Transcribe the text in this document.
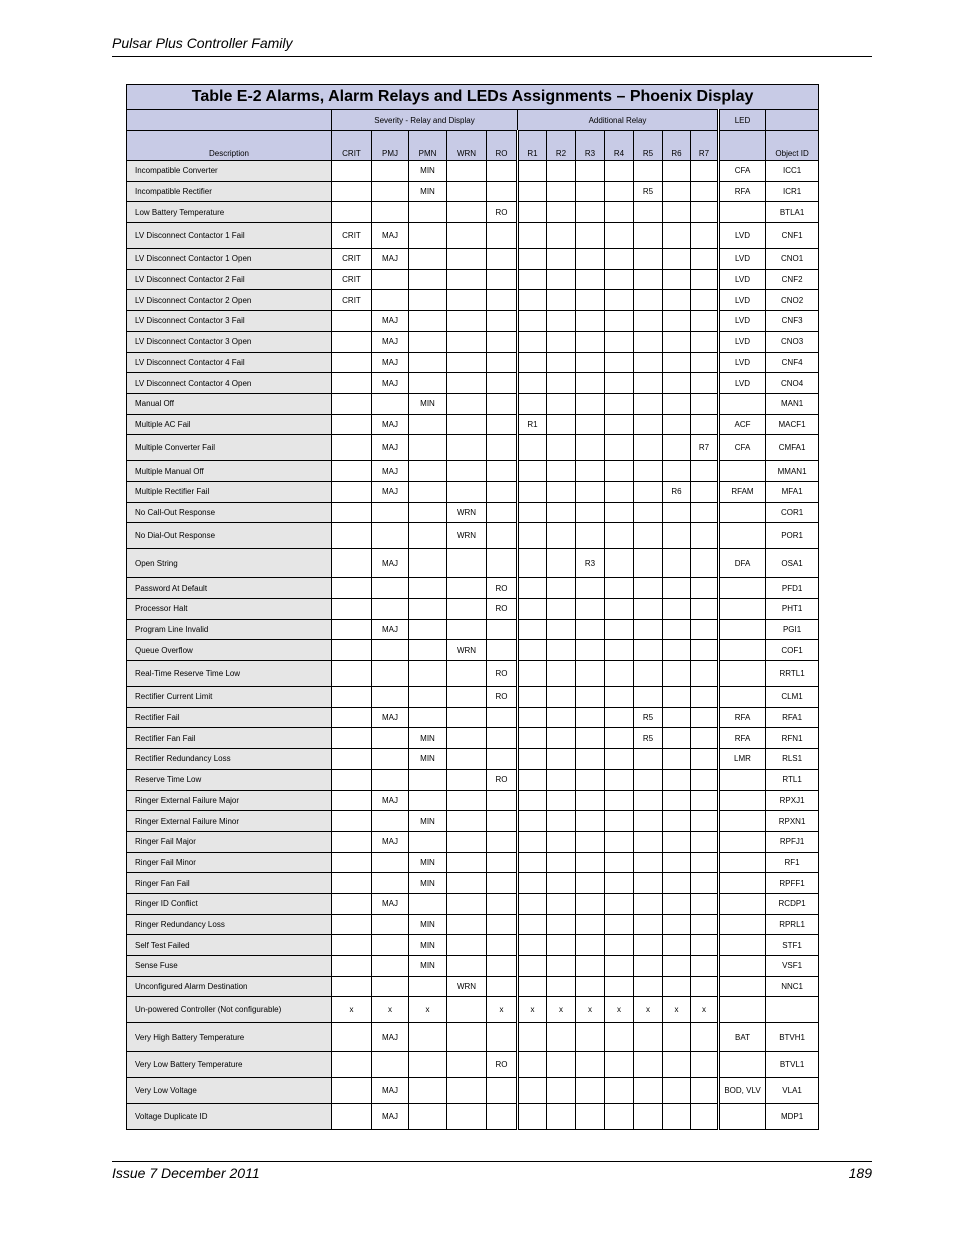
Pulsar Plus Controller Family
Table E-2 Alarms, Alarm Relays and LEDs Assignments – Phoenix Display														
	Severity - Relay and Display					Additional Relay							LED	
Description	CRIT	PMJ	PMN	WRN	RO	R1	R2	R3	R4	R5	R6	R7		Object ID
Incompatible Converter			MIN										CFA	ICC1
Incompatible Rectifier			MIN							R5			RFA	ICR1
Low Battery Temperature					RO									BTLA1
LV Disconnect Contactor 1 Fail	CRIT	MAJ											LVD	CNF1
LV Disconnect Contactor 1 Open	CRIT	MAJ											LVD	CNO1
LV Disconnect Contactor 2 Fail	CRIT												LVD	CNF2
LV Disconnect Contactor 2 Open	CRIT												LVD	CNO2
LV Disconnect Contactor 3 Fail		MAJ											LVD	CNF3
LV Disconnect Contactor 3 Open		MAJ											LVD	CNO3
LV Disconnect Contactor 4 Fail		MAJ											LVD	CNF4
LV Disconnect Contactor 4 Open		MAJ											LVD	CNO4
Manual Off			MIN											MAN1
Multiple AC Fail		MAJ				R1							ACF	MACF1
Multiple Converter Fail		MAJ										R7	CFA	CMFA1
Multiple Manual Off		MAJ												MMAN1
Multiple Rectifier Fail		MAJ									R6		RFAM	MFA1
No Call-Out Response				WRN										COR1
No Dial-Out Response				WRN										POR1
Open String		MAJ						R3					DFA	OSA1
Password At Default					RO									PFD1
Processor Halt					RO									PHT1
Program Line Invalid		MAJ												PGI1
Queue Overflow				WRN										COF1
Real-Time Reserve Time Low					RO									RRTL1
Rectifier Current Limit					RO									CLM1
Rectifier Fail		MAJ								R5			RFA	RFA1
Rectifier Fan Fail			MIN							R5			RFA	RFN1
Rectifier Redundancy Loss			MIN										LMR	RLS1
Reserve Time Low					RO									RTL1
Ringer External Failure Major		MAJ												RPXJ1
Ringer External Failure Minor			MIN											RPXN1
Ringer Fail Major		MAJ												RPFJ1
Ringer Fail Minor			MIN											RF1
Ringer Fan Fail			MIN											RPFF1
Ringer ID Conflict		MAJ												RCDP1
Ringer Redundancy Loss			MIN											RPRL1
Self Test Failed			MIN											STF1
Sense Fuse			MIN											VSF1
Unconfigured Alarm Destination				WRN										NNC1
Un-powered Controller (Not configurable)	x	x	x		x	x	x	x	x	x	x	x		
Very High Battery Temperature		MAJ											BAT	BTVH1
Very Low Battery Temperature					RO									BTVL1
Very Low Voltage		MAJ											BOD, VLV	VLA1
Voltage Duplicate ID		MAJ												MDP1
Issue 7 December 2011	189
